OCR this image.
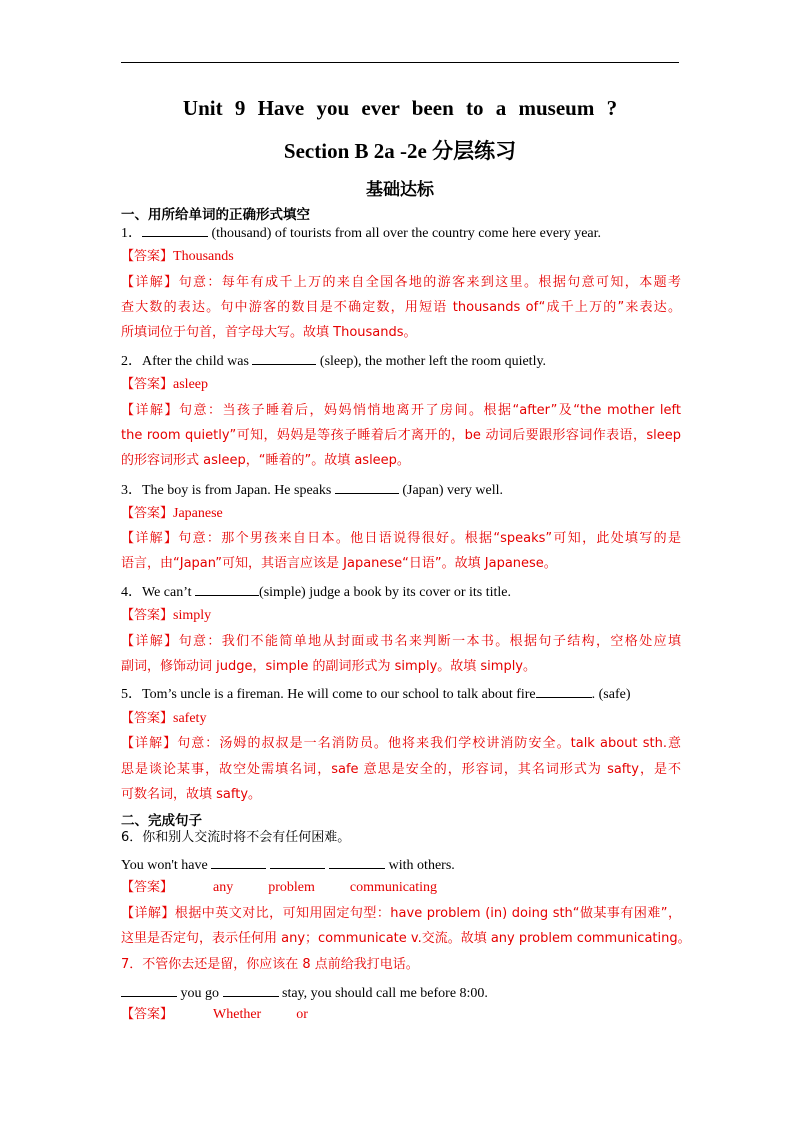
Unit 9 Have you ever been to a museum ?
Section B 2a -2e 分层练习
基础达标
一、用所给单词的正确形式填空
1．	(thousand) of tourists from all over the country come here every year.
【答案】Thousands
【详解】句意：每年有成千上万的来自全国各地的游客来到这里。根据句意可知，本题考
查大数的表达。句中游客的数目是不确定数，用短语 thousands of“成千上万的”来表达。
所填词位于句首，首字母大写。故填 Thousands。
2．After the child was	(sleep), the mother left the room quietly.
【答案】asleep
【详解】句意：当孩子睡着后，妈妈悄悄地离开了房间。根据“after”及“the mother left
the room quietly”可知，妈妈是等孩子睡着后才离开的，be 动词后要跟形容词作表语，sleep
的形容词形式 asleep，“睡着的”。故填 asleep。
3．The boy is from Japan. He speaks	(Japan) very well.
【答案】Japanese
【详解】句意：那个男孩来自日本。他日语说得很好。根据“speaks”可知，此处填写的是
语言，由“Japan”可知，其语言应该是 Japanese“日语”。故填 Japanese。
4．We can’t	(simple) judge a book by its cover or its title.
【答案】simply
【详解】句意：我们不能简单地从封面或书名来判断一本书。根据句子结构，空格处应填
副词，修饰动词 judge，simple 的副词形式为 simply。故填 simply。
5．Tom’s uncle is a fireman. He will come to our school to talk about fire	. (safe)
【答案】safety
【详解】句意：汤姆的叔叔是一名消防员。他将来我们学校讲消防安全。talk about sth.意
思是谈论某事，故空处需填名词，safe 意思是安全的，形容词，其名词形式为 safty，是不
可数名词，故填 safty。
二、完成句子
6．你和别人交流时将不会有任何困难。
You won't have	with others.
【答案】	any	problem	communicating
【详解】根据中英文对比，可知用固定句型：have problem (in) doing sth“做某事有困难”，
这里是否定句，表示任何用 any；communicate v.交流。故填 any problem communicating。
7．不管你去还是留，你应该在 8 点前给我打电话。
you go	stay, you should call me before 8:00.
【答案】	Whether	or
